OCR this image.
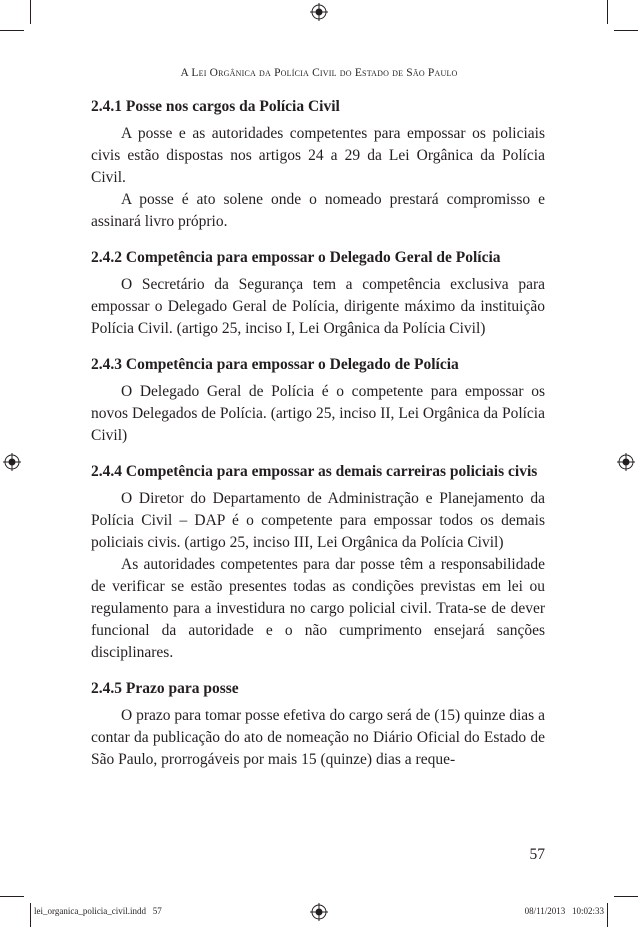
A Lei Orgânica da Polícia Civil do Estado de São Paulo
2.4.1 Posse nos cargos da Polícia Civil

A posse e as autoridades competentes para empossar os policiais civis estão dispostas nos artigos 24 a 29 da Lei Orgânica da Polícia Civil.

A posse é ato solene onde o nomeado prestará compromisso e assinará livro próprio.

2.4.2 Competência para empossar o Delegado Geral de Polícia

O Secretário da Segurança tem a competência exclusiva para empossar o Delegado Geral de Polícia, dirigente máximo da instituição Polícia Civil. (artigo 25, inciso I, Lei Orgânica da Polícia Civil)

2.4.3 Competência para empossar o Delegado de Polícia

O Delegado Geral de Polícia é o competente para empossar os novos Delegados de Polícia. (artigo 25, inciso II, Lei Orgânica da Polícia Civil)

2.4.4 Competência para empossar as demais carreiras policiais civis

O Diretor do Departamento de Administração e Planejamento da Polícia Civil – DAP é o competente para empossar todos os demais policiais civis. (artigo 25, inciso III, Lei Orgânica da Polícia Civil)

As autoridades competentes para dar posse têm a responsabilidade de verificar se estão presentes todas as condições previstas em lei ou regulamento para a investidura no cargo policial civil. Trata-se de dever funcional da autoridade e o não cumprimento ensejará sanções disciplinares.

2.4.5 Prazo para posse

O prazo para tomar posse efetiva do cargo será de (15) quinze dias a contar da publicação do ato de nomeação no Diário Oficial do Estado de São Paulo, prorrogáveis por mais 15 (quinze) dias a reque-

57
lei_organica_policia_civil.indd   57	08/11/2013   10:02:33
